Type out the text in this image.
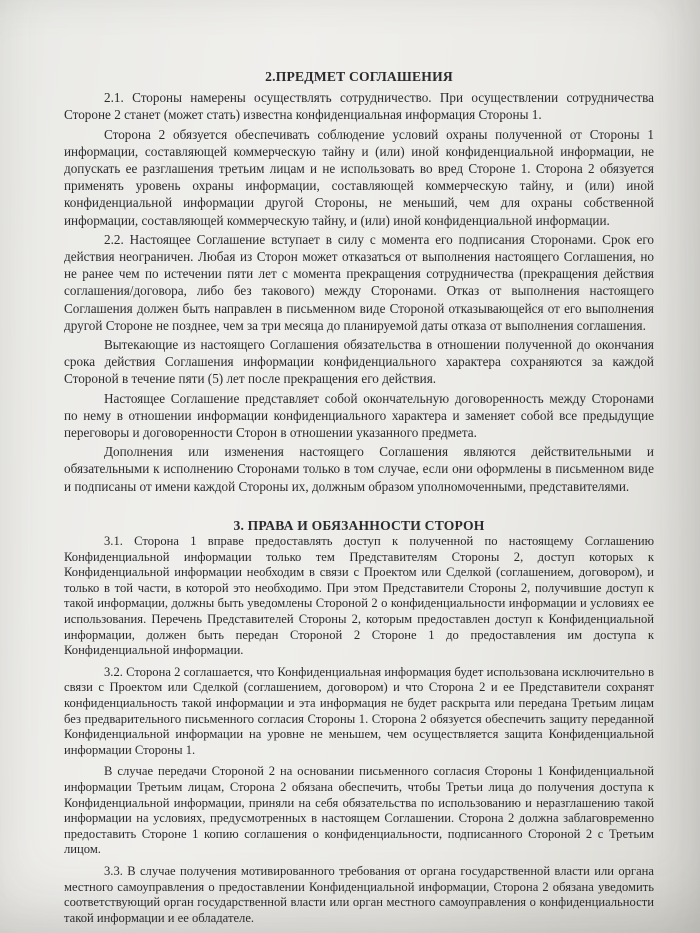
2.ПРЕДМЕТ СОГЛАШЕНИЯ

2.1. Стороны намерены осуществлять сотрудничество. При осуществлении сотрудничества Стороне 2 станет (может стать) известна конфиденциальная информация Стороны 1.

Сторона 2 обязуется обеспечивать соблюдение условий охраны полученной от Стороны 1 информации, составляющей коммерческую тайну и (или) иной конфиденциальной информации, не допускать ее разглашения третьим лицам и не использовать во вред Стороне 1. Сторона 2 обязуется применять уровень охраны информации, составляющей коммерческую тайну, и (или) иной конфиденциальной информации другой Стороны, не меньший, чем для охраны собственной информации, составляющей коммерческую тайну, и (или) иной конфиденциальной информации.

2.2. Настоящее Соглашение вступает в силу с момента его подписания Сторонами. Срок его действия неограничен. Любая из Сторон может отказаться от выполнения настоящего Соглашения, но не ранее чем по истечении пяти лет с момента прекращения сотрудничества (прекращения действия соглашения/договора, либо без такового) между Сторонами. Отказ от выполнения настоящего Соглашения должен быть направлен в письменном виде Стороной отказывающейся от его выполнения другой Стороне не позднее, чем за три месяца до планируемой даты отказа от выполнения соглашения.

Вытекающие из настоящего Соглашения обязательства в отношении полученной до окончания срока действия Соглашения информации конфиденциального характера сохраняются за каждой Стороной в течение пяти (5) лет после прекращения его действия.

Настоящее Соглашение представляет собой окончательную договоренность между Сторонами по нему в отношении информации конфиденциального характера и заменяет собой все предыдущие переговоры и договоренности Сторон в отношении указанного предмета.

Дополнения или изменения настоящего Соглашения являются действительными и обязательными к исполнению Сторонами только в том случае, если они оформлены в письменном виде и подписаны от имени каждой Стороны их, должным образом уполномоченными, представителями.

3. ПРАВА И ОБЯЗАННОСТИ СТОРОН

3.1. Сторона 1 вправе предоставлять доступ к полученной по настоящему Соглашению Конфиденциальной информации только тем Представителям Стороны 2, доступ которых к Конфиденциальной информации необходим в связи с Проектом или Сделкой (соглашением, договором), и только в той части, в которой это необходимо. При этом Представители Стороны 2, получившие доступ к такой информации, должны быть уведомлены Стороной 2 о конфиденциальности информации и условиях ее использования. Перечень Представителей Стороны 2, которым предоставлен доступ к Конфиденциальной информации, должен быть передан Стороной 2 Стороне 1 до предоставления им доступа к Конфиденциальной информации.

3.2. Сторона 2 соглашается, что Конфиденциальная информация будет использована исключительно в связи с Проектом или Сделкой (соглашением, договором) и что Сторона 2 и ее Представители сохранят конфиденциальность такой информации и эта информация не будет раскрыта или передана Третьим лицам без предварительного письменного согласия Стороны 1. Сторона 2 обязуется обеспечить защиту переданной Конфиденциальной информации на уровне не меньшем, чем осуществляется защита Конфиденциальной информации Стороны 1.

В случае передачи Стороной 2 на основании письменного согласия Стороны 1 Конфиденциальной информации Третьим лицам, Сторона 2 обязана обеспечить, чтобы Третьи лица до получения доступа к Конфиденциальной информации, приняли на себя обязательства по использованию и неразглашению такой информации на условиях, предусмотренных в настоящем Соглашении. Сторона 2 должна заблаговременно предоставить Стороне 1 копию соглашения о конфиденциальности, подписанного Стороной 2 с Третьим лицом.

3.3. В случае получения мотивированного требования от органа государственной власти или органа местного самоуправления о предоставлении Конфиденциальной информации, Сторона 2 обязана уведомить соответствующий орган государственной власти или орган местного самоуправления о конфиденциальности такой информации и ее обладателе.
